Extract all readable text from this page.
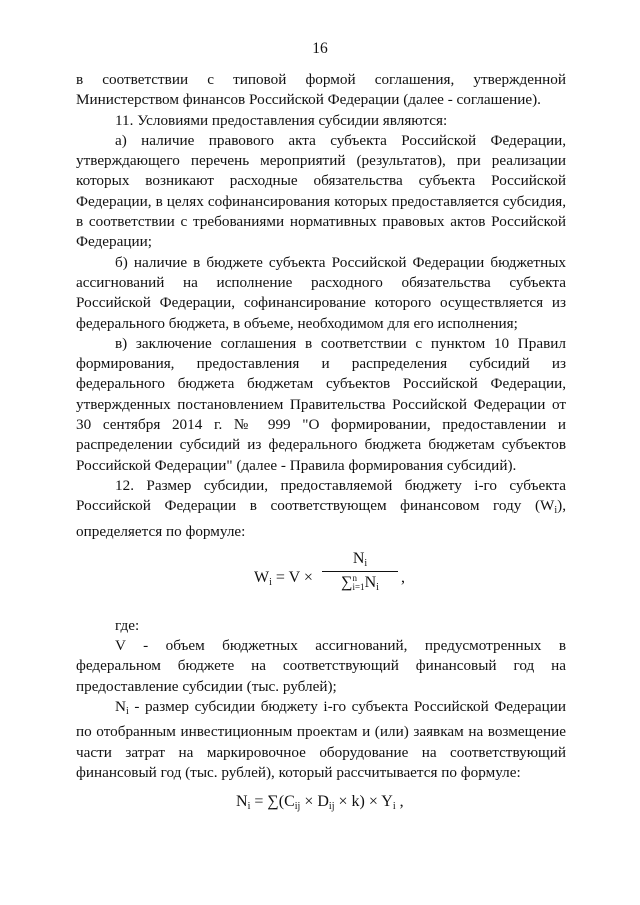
16

в соответствии с типовой формой соглашения, утвержденной Министерством финансов Российской Федерации (далее - соглашение).

11. Условиями предоставления субсидии являются:

а) наличие правового акта субъекта Российской Федерации, утверждающего перечень мероприятий (результатов), при реализации которых возникают расходные обязательства субъекта Российской Федерации, в целях софинансирования которых предоставляется субсидия, в соответствии с требованиями нормативных правовых актов Российской Федерации;

б) наличие в бюджете субъекта Российской Федерации бюджетных ассигнований на исполнение расходного обязательства субъекта Российской Федерации, софинансирование которого осуществляется из федерального бюджета, в объеме, необходимом для его исполнения;

в) заключение соглашения в соответствии с пунктом 10 Правил формирования, предоставления и распределения субсидий из федерального бюджета бюджетам субъектов Российской Федерации, утвержденных постановлением Правительства Российской Федерации от 30 сентября 2014 г. № 999 "О формировании, предоставлении и распределении субсидий из федерального бюджета бюджетам субъектов Российской Федерации" (далее - Правила формирования субсидий).

12. Размер субсидии, предоставляемой бюджету i-го субъекта Российской Федерации в соответствующем финансовом году $(W_i)$, определяется по формуле:

$W_i = V$ ×
$N_i$
∑n
$i=1N_i$
,

где:

V - объем бюджетных ассигнований, предусмотренных в федеральном бюджете на соответствующий финансовый год на предоставление субсидии (тыс. рублей);

$N_i$ - размер субсидии бюджету i-го субъекта Российской Федерации по отобранным инвестиционным проектам и (или) заявкам на возмещение части затрат на маркировочное оборудование на соответствующий финансовый год (тыс. рублей), который рассчитывается по формуле:

$N_i = \sum(C_{ij} \times D_{ij} \times k) \times Y_i$ ,
